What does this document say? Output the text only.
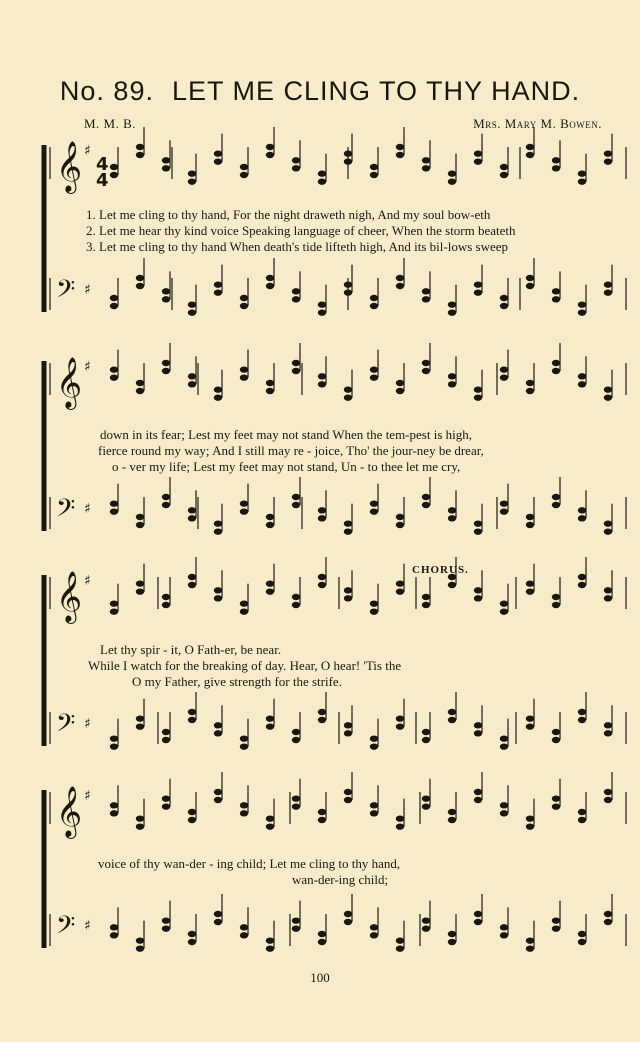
No. 89. LET ME CLING TO THY HAND.
M. M. B.	Mrs. Mary M. Bowen.
𝄞 ♯
𝄢 ♯
𝄞 ♯
𝄢 ♯
𝄞 ♯
𝄢 ♯
𝄞 ♯
𝄢 ♯
4
4
1. Let me cling to thy hand, For the night draweth nigh, And my soul bow-eth
2. Let me hear thy kind voice Speaking language of cheer, When the storm beateth
3. Let me cling to thy hand When death's tide lifteth high, And its bil-lows sweep
down in its fear; Lest my feet may not stand When the tem-pest is high,
fierce round my way; And I still may re - joice, Tho' the jour-ney be drear,
o - ver my life; Lest my feet may not stand, Un - to thee let me cry,
CHORUS.
Let thy spir - it, O Fath-er, be near.
While I watch for the breaking of day. Hear, O hear! 'Tis the
O my Father, give strength for the strife.
voice of thy wan-der - ing child; Let me cling to thy hand,
wan-der-ing child;
100
